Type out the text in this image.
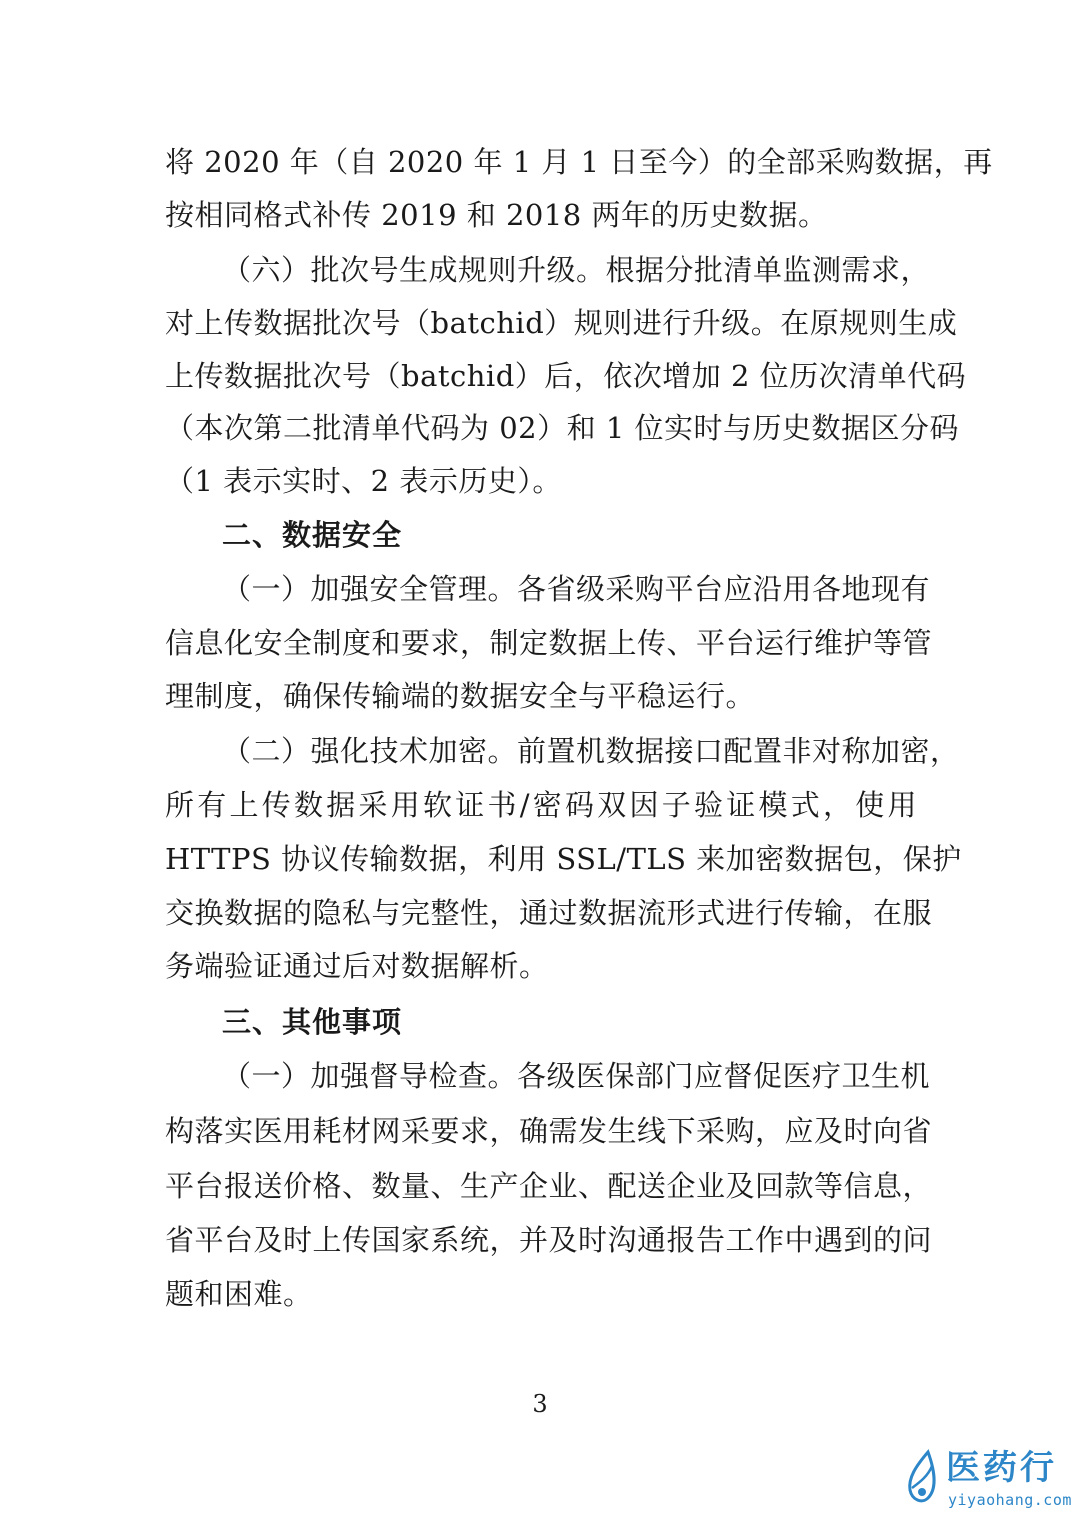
将 2020 年（自 2020 年 1 月 1 日至今）的全部采购数据，再
按相同格式补传 2019 和 2018 两年的历史数据。
（六）批次号生成规则升级。根据分批清单监测需求，
对上传数据批次号（batchid）规则进行升级。在原规则生成
上传数据批次号（batchid）后，依次增加 2 位历次清单代码
（本次第二批清单代码为 02）和 1 位实时与历史数据区分码
（1 表示实时、2 表示历史）。
二、数据安全
（一）加强安全管理。各省级采购平台应沿用各地现有
信息化安全制度和要求，制定数据上传、平台运行维护等管
理制度，确保传输端的数据安全与平稳运行。
（二）强化技术加密。前置机数据接口配置非对称加密，
所有上传数据采用软证书/密码双因子验证模式，使用
HTTPS 协议传输数据，利用 SSL/TLS 来加密数据包，保护
交换数据的隐私与完整性，通过数据流形式进行传输，在服
务端验证通过后对数据解析。
三、其他事项
（一）加强督导检查。各级医保部门应督促医疗卫生机
构落实医用耗材网采要求，确需发生线下采购，应及时向省
平台报送价格、数量、生产企业、配送企业及回款等信息，
省平台及时上传国家系统，并及时沟通报告工作中遇到的问
题和困难。
3
医药行
yiyaohang.com
